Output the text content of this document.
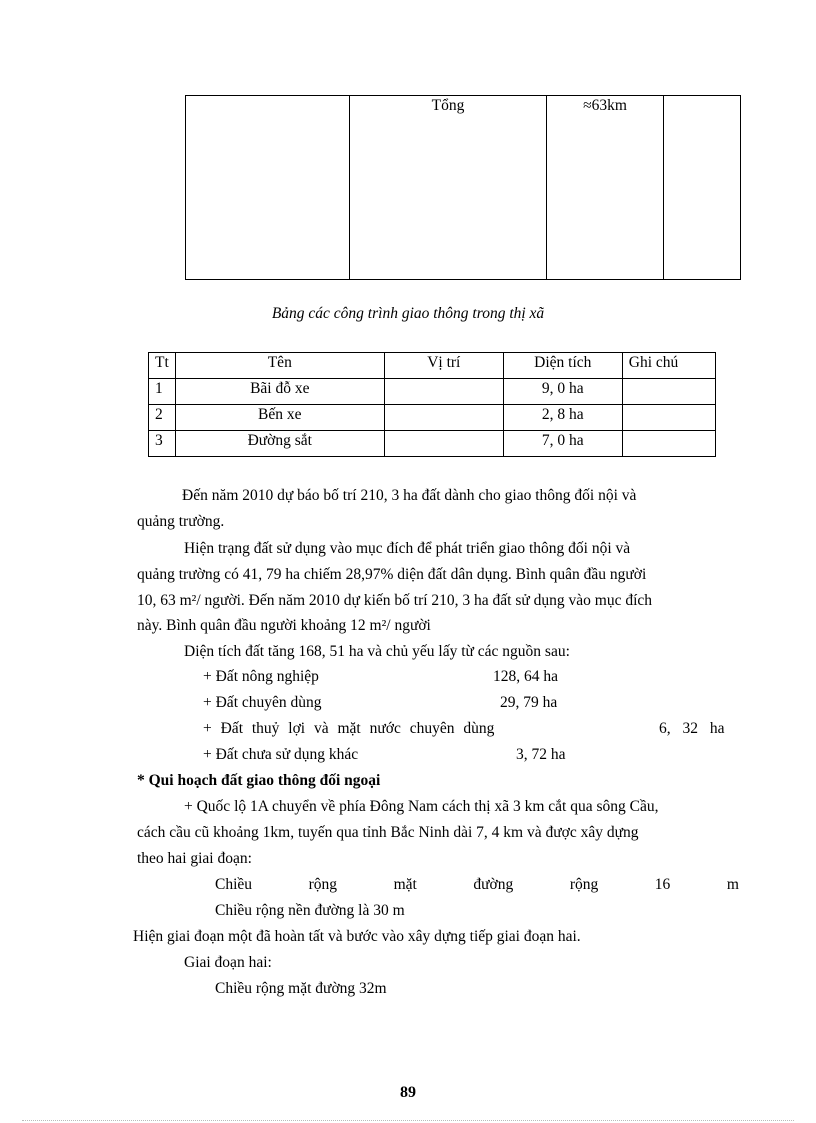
Tổng	≈63km

Bảng các công trình giao thông trong thị xã
Tt	Tên	Vị trí	Diện tích	Ghi chú
1	Bãi đỗ xe		9, 0 ha	
2	Bến xe		2, 8 ha	
3	Đường sắt		7, 0 ha	
Đến năm 2010 dự báo bố trí 210, 3 ha đất dành cho giao thông đối nội và
quảng trường.
Hiện trạng đất sử dụng vào mục đích để phát triển giao thông đối nội và
quảng trường có 41, 79 ha chiếm 28,97% diện đất dân dụng. Bình quân đầu người
10, 63 m²/ người. Đến năm 2010 dự kiến bố trí 210, 3 ha đất sử dụng vào mục đích
này. Bình quân đầu người khoảng 12 m²/ người
Diện tích đất tăng 168, 51 ha và chủ yếu lấy từ các nguồn sau:
+ Đất nông nghiệp	128, 64 ha
+ Đất chuyên dùng	29, 79 ha
+ Đất thuỷ lợi và mặt nước chuyên dùng	6, 32 ha
+ Đất chưa sử dụng khác	3, 72 ha
* Qui hoạch đất giao thông đối ngoại
+ Quốc lộ 1A chuyển về phía Đông Nam cách thị xã 3 km cắt qua sông Cầu,
cách cầu cũ khoảng 1km, tuyến qua tỉnh Bắc Ninh dài 7, 4 km và được xây dựng
theo hai giai đoạn:
Chiều	rộng	mặt	đường	rộng	16	m
Chiều rộng nền đường là 30 m
Hiện giai đoạn một đã hoàn tất và bước vào xây dựng tiếp giai đoạn hai.
Giai đoạn hai:
Chiều rộng mặt đường 32m
89
